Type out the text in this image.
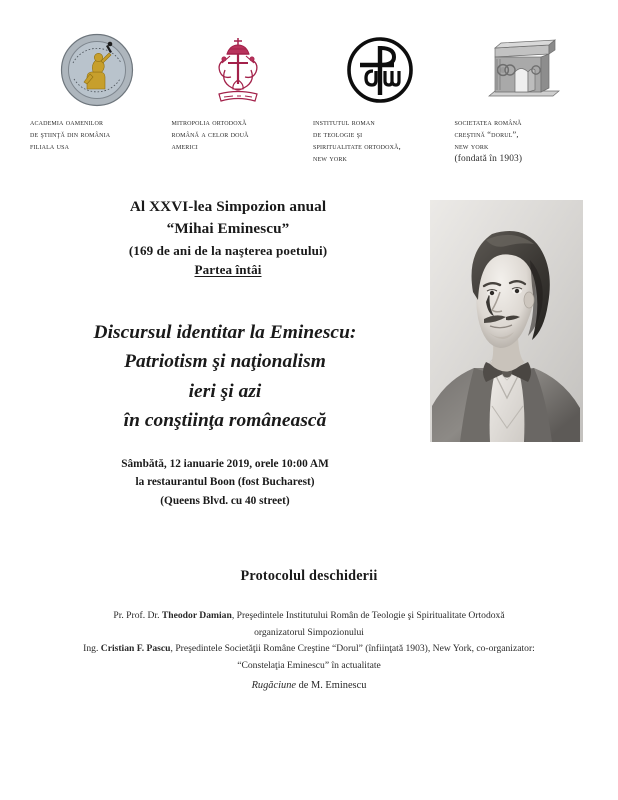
academia oamenilor
de ştiinţă din românia
filiala usa
mitropolia ortodoxă
română a celor două
americi
institutul roman
de teologie şi
spiritualitate ortodoxă,
new york
societatea română
creştină “dorul”,
new york
(fondată în 1903)
Al XXVI-lea Simpozion anual
“Mihai Eminescu”
(169 de ani de la naşterea poetului)
Partea întâi
Discursul identitar la Eminescu:
Patriotism şi naţionalism
ieri şi azi
în conştiinţa românească
Sâmbătă, 12 ianuarie 2019, orele 10:00 AM
la restaurantul Boon (fost Bucharest)
(Queens Blvd. cu 40 street)
Protocolul deschiderii
Pr. Prof. Dr. Theodor Damian, Preşedintele Institutului Român de Teologie şi Spiritualitate Ortodoxă
organizatorul Simpozionului
Ing. Cristian F. Pascu, Preşedintele Societăţii Române Creştine “Dorul” (înfiinţată 1903), New York, co-organizator:
“Constelaţia Eminescu” în actualitate
Rugăciune de M. Eminescu
